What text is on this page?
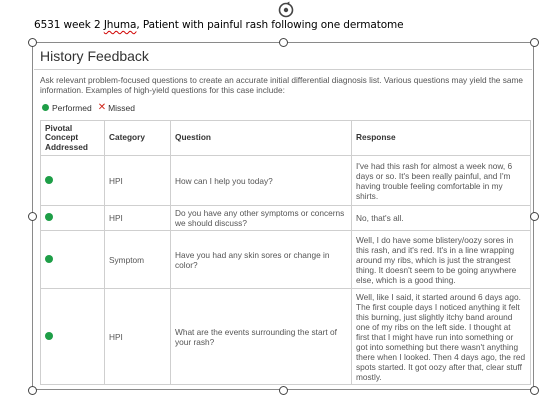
6531 week 2 Jhuma, Patient with painful rash following one dermatome
History Feedback
Ask relevant problem-focused questions to create an accurate initial differential diagnosis list. Various questions may yield the same information. Examples of high-yield questions for this case include:
Performed ✕ Missed
Pivotal Concept Addressed	Category	Question	Response
	HPI	How can I help you today?	I've had this rash for almost a week now, 6 days or so. It's been really painful, and I'm having trouble feeling comfortable in my shirts.
	HPI	Do you have any other symptoms or concerns we should discuss?	No, that's all.
	Symptom	Have you had any skin sores or change in color?	Well, I do have some blistery/oozy sores in this rash, and it's red. It's in a line wrapping around my ribs, which is just the strangest thing. It doesn't seem to be going anywhere else, which is a good thing.
	HPI	What are the events surrounding the start of your rash?	Well, like I said, it started around 6 days ago. The first couple days I noticed anything it felt this burning, just slightly itchy band around one of my ribs on the left side. I thought at first that I might have run into something or got into something but there wasn't anything there when I looked. Then 4 days ago, the red spots started. It got oozy after that, clear stuff mostly.
